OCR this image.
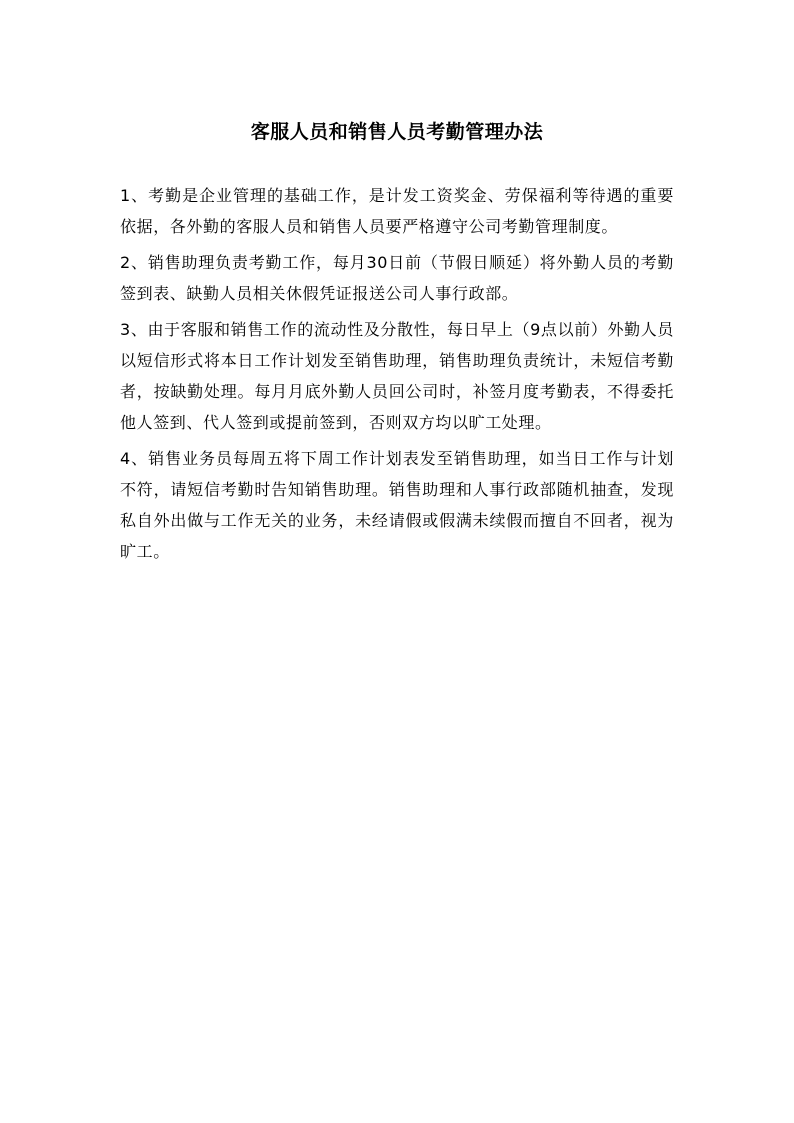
客服人员和销售人员考勤管理办法

1、考勤是企业管理的基础工作，是计发工资奖金、劳保福利等待遇的重要依据，各外勤的客服人员和销售人员要严格遵守公司考勤管理制度。

2、销售助理负责考勤工作，每月30日前（节假日顺延）将外勤人员的考勤签到表、缺勤人员相关休假凭证报送公司人事行政部。

3、由于客服和销售工作的流动性及分散性，每日早上（9点以前）外勤人员以短信形式将本日工作计划发至销售助理，销售助理负责统计，未短信考勤者，按缺勤处理。每月月底外勤人员回公司时，补签月度考勤表，不得委托他人签到、代人签到或提前签到，否则双方均以旷工处理。

4、销售业务员每周五将下周工作计划表发至销售助理，如当日工作与计划不符，请短信考勤时告知销售助理。销售助理和人事行政部随机抽查，发现私自外出做与工作无关的业务，未经请假或假满未续假而擅自不回者，视为旷工。
